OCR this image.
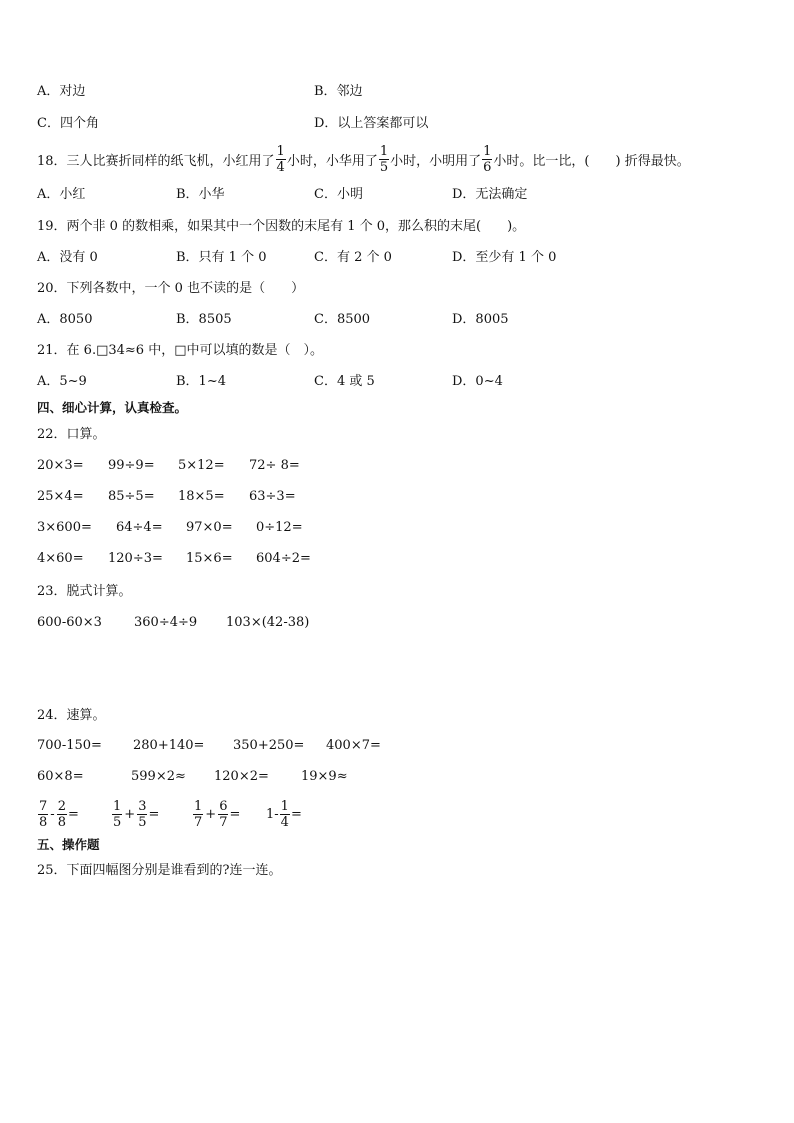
A．对边	B．邻边
C．四个角	D．以上答案都可以
18．三人比赛折同样的纸飞机，小红用了 $\frac{1}{4}$ 小时，小华用了 $\frac{1}{5}$ 小时，小明用了 $\frac{1}{6}$ 小时。比一比，(　　) 折得最快。
A．小红	B．小华	C．小明	D．无法确定
19．两个非 0 的数相乘，如果其中一个因数的末尾有 1 个 0，那么积的末尾(　　)。
A．没有 0	B．只有 1 个 0	C．有 2 个 0	D．至少有 1 个 0
20．下列各数中，一个 0 也不读的是（　　）
A．8050	B．8505	C．8500	D．8005
21．在 6.□34≈6 中，□中可以填的数是（　）。
A．5~9	B．1~4	C．4 或 5	D．0~4
四、细心计算，认真检查。
22．口算。
20×3= 99÷9= 5×12= 72÷ 8=
25×4= 85÷5= 18×5= 63÷3=
3×600= 64÷4= 97×0= 0÷12=
4×60= 120÷3= 15×6= 604÷2=
23．脱式计算。
600-60×3 360÷4÷9 103×(42-38)
24．速算。
700-150= 280+140= 350+250= 400×7=
60×8=	599×2≈ 120×2= 19×9≈
$\frac{7}{8} - \frac{2}{8}$ =	$\frac{1}{5} + \frac{3}{5}$ =	$\frac{1}{7} + \frac{6}{7} = 1- \frac{1}{4}$ =
五、操作题
25．下面四幅图分别是谁看到的?连一连。
